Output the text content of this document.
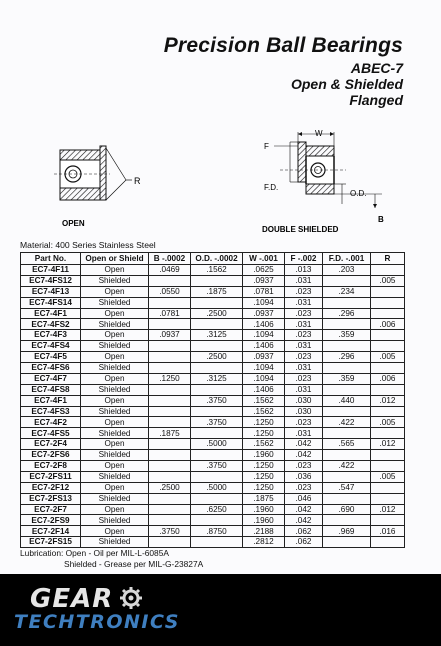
Precision Ball Bearings
ABEC-7
Open & Shielded
Flanged
R
OPEN
W
F
F.D.
O.D.
B
DOUBLE SHIELDED
Material: 400 Series Stainless Steel
Part No.	Open or Shield	B -.0002	O.D. -.0002	W -.001	F -.002	F.D. -.001	R
EC7-4F11	Open	.0469	.1562	.0625	.013	.203	
EC7-4FS12	Shielded			.0937	.031		.005
EC7-4F13	Open	.0550	.1875	.0781	.023	.234	
EC7-4FS14	Shielded			.1094	.031		
EC7-4F1	Open	.0781	.2500	.0937	.023	.296	
EC7-4FS2	Shielded			.1406	.031		.006
EC7-4F3	Open	.0937	.3125	.1094	.023	.359	
EC7-4FS4	Shielded			.1406	.031		
EC7-4F5	Open		.2500	.0937	.023	.296	.005
EC7-4FS6	Shielded			.1094	.031		
EC7-4F7	Open	.1250	.3125	.1094	.023	.359	.006
EC7-4FS8	Shielded			.1406	.031		
EC7-4F1	Open		.3750	.1562	.030	.440	.012
EC7-4FS3	Shielded			.1562	.030		
EC7-4F2	Open		.3750	.1250	.023	.422	.005
EC7-4FS5	Shielded	.1875		.1250	.031		
EC7-2F4	Open		.5000	.1562	.042	.565	.012
EC7-2FS6	Shielded			.1960	.042		
EC7-2F8	Open		.3750	.1250	.023	.422	
EC7-2FS11	Shielded			.1250	.036		.005
EC7-2F12	Open	.2500	.5000	.1250	.023	.547	
EC7-2FS13	Shielded			.1875	.046		
EC7-2F7	Open		.6250	.1960	.042	.690	.012
EC7-2FS9	Shielded			.1960	.042		
EC7-2F14	Open	.3750	.8750	.2188	.062	.969	.016
EC7-2FS15	Shielded			.2812	.062		
Lubrication: Open - Oil per MIL-L-6085A
Shielded - Grease per MIL-G-23827A
GEAR
TECHTRONICS
